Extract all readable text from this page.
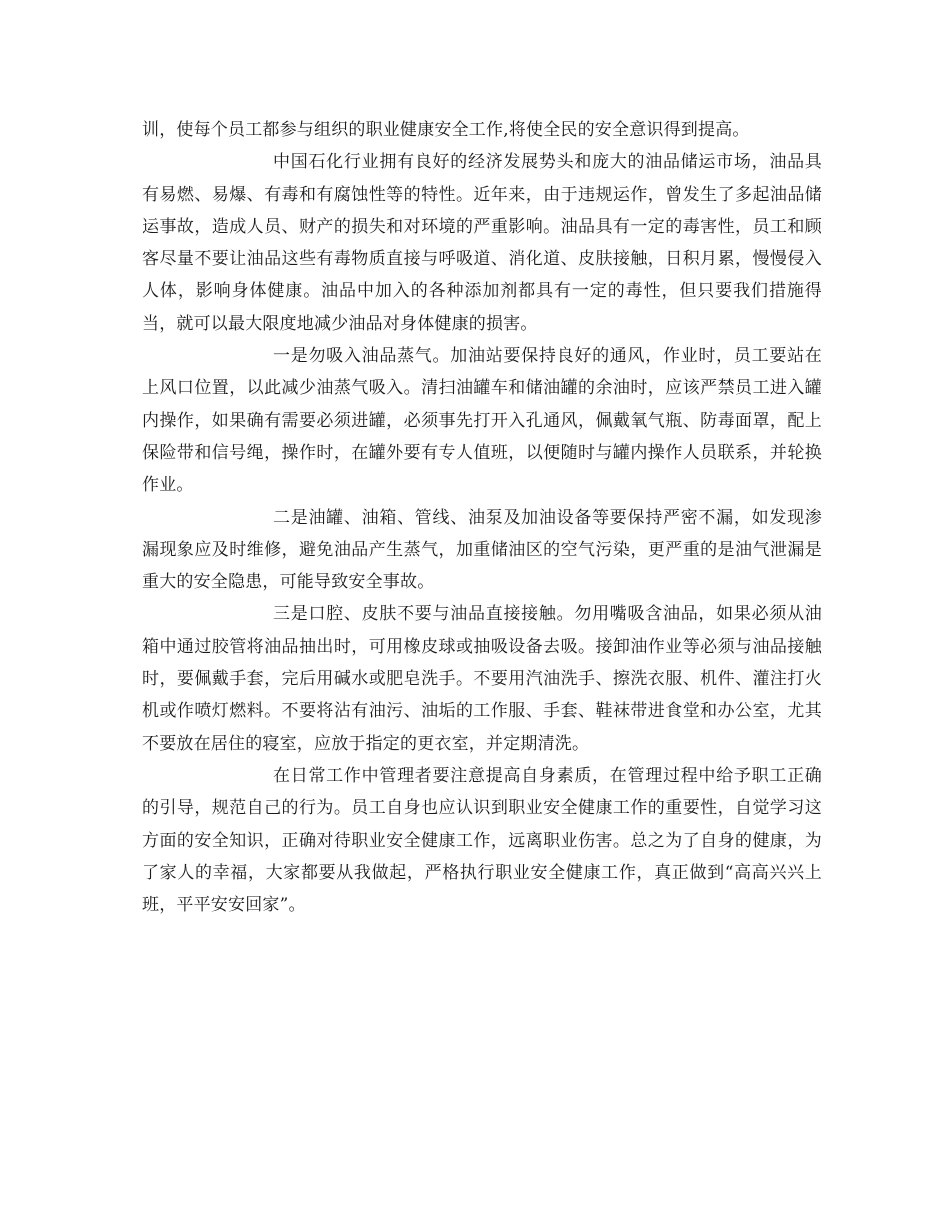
训，使每个员工都参与组织的职业健康安全工作,将使全民的安全意识得到提高。

中国石化行业拥有良好的经济发展势头和庞大的油品储运市场，油品具有易燃、易爆、有毒和有腐蚀性等的特性。近年来，由于违规运作，曾发生了多起油品储运事故，造成人员、财产的损失和对环境的严重影响。油品具有一定的毒害性，员工和顾客尽量不要让油品这些有毒物质直接与呼吸道、消化道、皮肤接触，日积月累，慢慢侵入人体，影响身体健康。油品中加入的各种添加剂都具有一定的毒性，但只要我们措施得当，就可以最大限度地减少油品对身体健康的损害。

一是勿吸入油品蒸气。加油站要保持良好的通风，作业时，员工要站在上风口位置，以此减少油蒸气吸入。清扫油罐车和储油罐的余油时，应该严禁员工进入罐内操作，如果确有需要必须进罐，必须事先打开入孔通风，佩戴氧气瓶、防毒面罩，配上保险带和信号绳，操作时，在罐外要有专人值班，以便随时与罐内操作人员联系，并轮换作业。

二是油罐、油箱、管线、油泵及加油设备等要保持严密不漏，如发现渗漏现象应及时维修，避免油品产生蒸气，加重储油区的空气污染，更严重的是油气泄漏是重大的安全隐患，可能导致安全事故。

三是口腔、皮肤不要与油品直接接触。勿用嘴吸含油品，如果必须从油箱中通过胶管将油品抽出时，可用橡皮球或抽吸设备去吸。接卸油作业等必须与油品接触时，要佩戴手套，完后用碱水或肥皂洗手。不要用汽油洗手、擦洗衣服、机件、灌注打火机或作喷灯燃料。不要将沾有油污、油垢的工作服、手套、鞋袜带进食堂和办公室，尤其不要放在居住的寝室，应放于指定的更衣室，并定期清洗。

在日常工作中管理者要注意提高自身素质，在管理过程中给予职工正确的引导，规范自己的行为。员工自身也应认识到职业安全健康工作的重要性，自觉学习这方面的安全知识，正确对待职业安全健康工作，远离职业伤害。总之为了自身的健康，为了家人的幸福，大家都要从我做起，严格执行职业安全健康工作，真正做到“高高兴兴上班，平平安安回家”。
